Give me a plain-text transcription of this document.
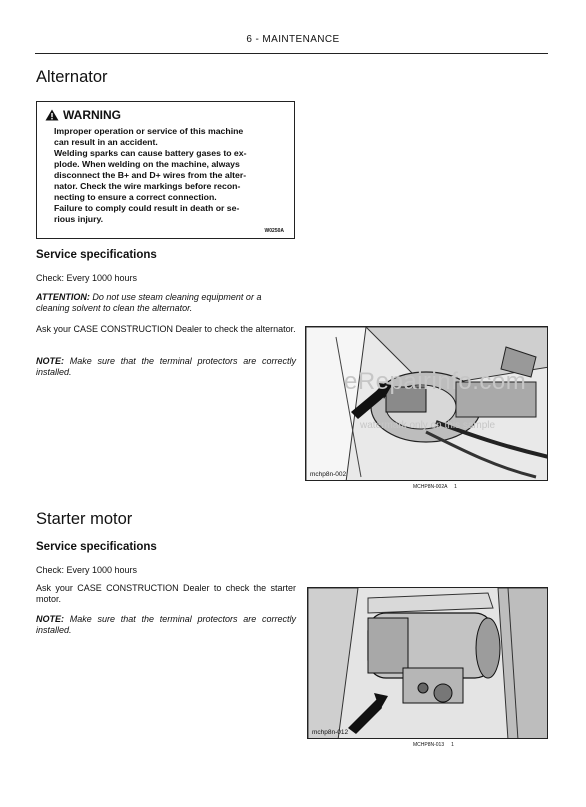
6 - MAINTENANCE
Alternator
WARNING
Improper operation or service of this machine
can result in an accident.
Welding sparks can cause battery gases to ex-
plode. When welding on the machine, always
disconnect the B+ and D+ wires from the alter-
nator. Check the wire markings before recon-
necting to ensure a correct connection.
Failure to comply could result in death or se-
rious injury.
W0250A
Service specifications

Check: Every 1000 hours

ATTENTION: Do not use steam cleaning equipment or a cleaning solvent to clean the alternator.

Ask your CASE CONSTRUCTION Dealer to check the alternator.

NOTE: Make sure that the terminal protectors are correctly installed.

mchp8n-002
MCHP8N-002A 1
eRepairinfo.com
watermark only on this sample
Starter motor
Service specifications

Check: Every 1000 hours

Ask your CASE CONSTRUCTION Dealer to check the starter motor.

NOTE: Make sure that the terminal protectors are correctly installed.

mchp8n-012
MCHP8N-013 1
